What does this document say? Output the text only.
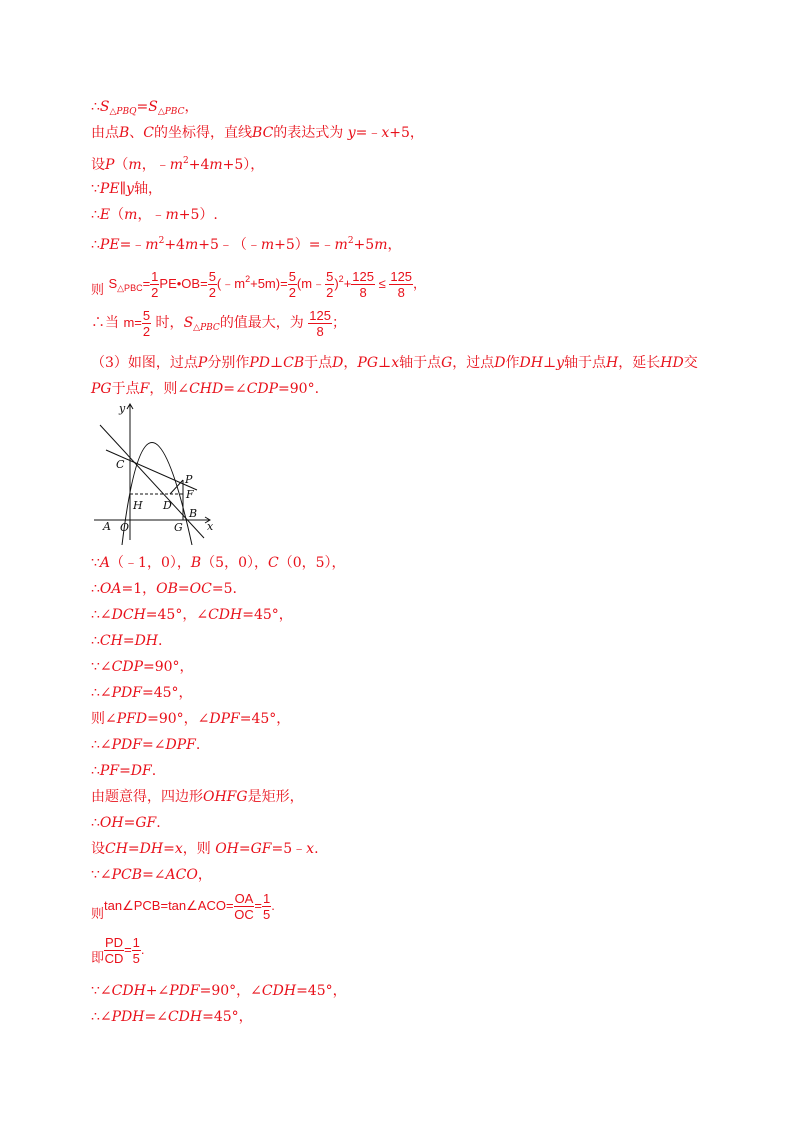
$\therefore S_{\triangle PBQ}=S_{\triangle PBC}$，
由点B、C的坐标得，直线BC的表达式为 y=﹣x+5，
设P（m，$﹣m^2+4m+5$），
∵PE∥y轴，
∴E（m，﹣m+5）.
$\therefore PE=﹣m^2+4m+5﹣(﹣m+5)=﹣m^2+5m$，
则 $S_{\triangle PBC}= \frac{1}{2}$ PE•OB= $\frac{5}{2}$ $(﹣m^2+5m)= \frac{5}{2}$ (m﹣ $\frac{5}{2} )^2+ \frac{125}{8} \le \frac{125}{8}$ ，
∴当 $m= \frac{5}{2}$ 时，$S_{\triangle PBC}$的值最大，为 $\frac{125}{8}$ ；
（3）如图，过点P分别作PD⊥CB于点D，PG⊥x轴于点G，过点D作DH⊥y轴于点H，延长HD交
PG于点F，则∠CHD=∠CDP=90°.
y
x
C
P
F
H D
B
A O	G
∵A（﹣1，0），B（5，0），C（0，5），
∴OA=1，OB=OC=5.
∴∠DCH=45°，∠CDH=45°，
∴CH=DH.
∵∠CDP=90°，
∴∠PDF=45°，
则∠PFD=90°，∠DPF=45°，
∴∠PDF=∠DPF.
∴PF=DF.
由题意得，四边形OHFG是矩形，
∴OH=GF.
设CH=DH=x，则 OH=GF=5﹣x.
∵∠PCB=∠ACO，
则tan∠PCB=tan∠ACO= $\frac{OA}{OC} = \frac{1}{5}$ .
即 $\frac{PD}{CD} = \frac{1}{5}$ .
∵∠CDH+∠PDF=90°，∠CDH=45°，
∴∠PDH=∠CDH=45°，
